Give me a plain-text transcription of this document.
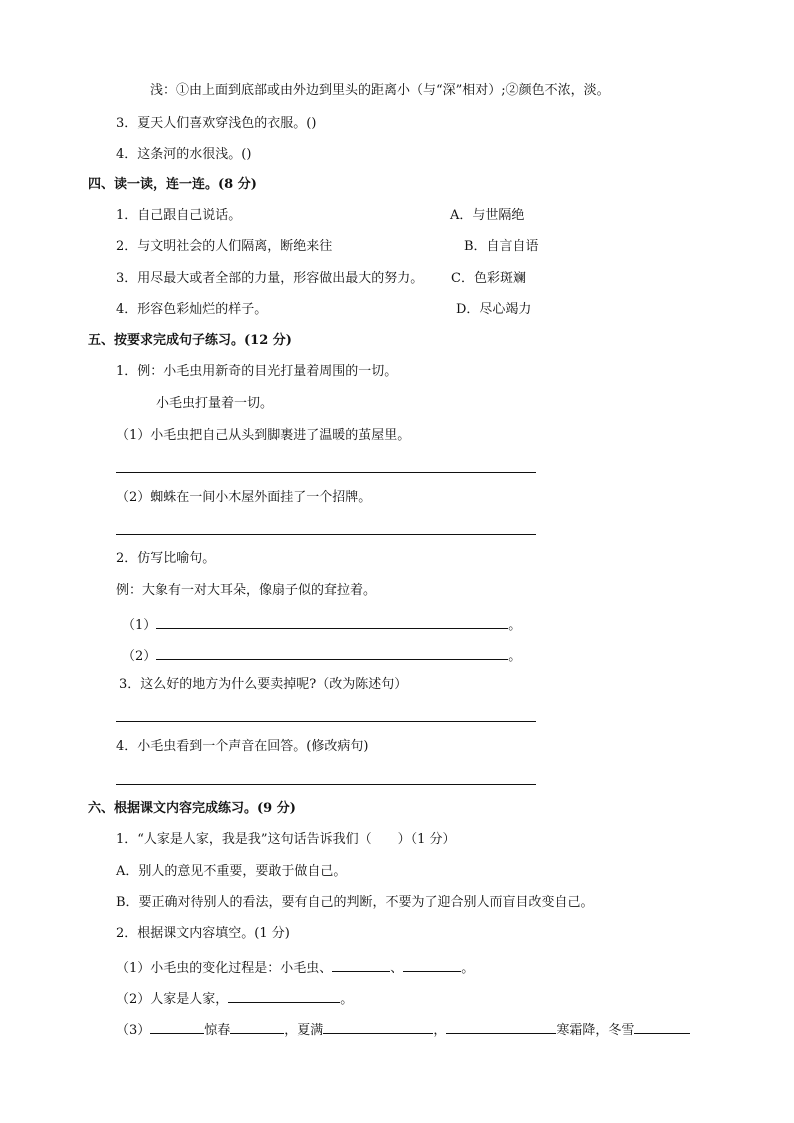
浅：①由上面到底部或由外边到里头的距离小（与“深”相对）;②颜色不浓，淡。
3．夏天人们喜欢穿浅色的衣服。()
4．这条河的水很浅。()
四、读一读，连一连。(8 分)
1．自己跟自己说话。	A．与世隔绝
2．与文明社会的人们隔离，断绝来往	B．自言自语
3．用尽最大或者全部的力量，形容做出最大的努力。 C．色彩斑斓
4．形容色彩灿烂的样子。	D．尽心竭力
五、按要求完成句子练习。(12 分)
1．例：小毛虫用新奇的目光打量着周围的一切。
小毛虫打量着一切。
（1）小毛虫把自己从头到脚裹进了温暖的茧屋里。
（2）蜘蛛在一间小木屋外面挂了一个招牌。
2．仿写比喻句。
例：大象有一对大耳朵，像扇子似的耷拉着。
（1）	。
（2）	。
3．这么好的地方为什么要卖掉呢?（改为陈述句）
4．小毛虫看到一个声音在回答。(修改病句)
六、根据课文内容完成练习。(9 分)
1．“人家是人家，我是我”这句话告诉我们（　　）（1 分）
A．别人的意见不重要，要敢于做自己。
B．要正确对待别人的看法，要有自己的判断，不要为了迎合别人而盲目改变自己。
2．根据课文内容填空。(1 分)
（1）小毛虫的变化过程是：小毛虫、	、	。
（2）人家是人家，	。
（3）	惊春	，夏满	，	寒霜降，冬雪
